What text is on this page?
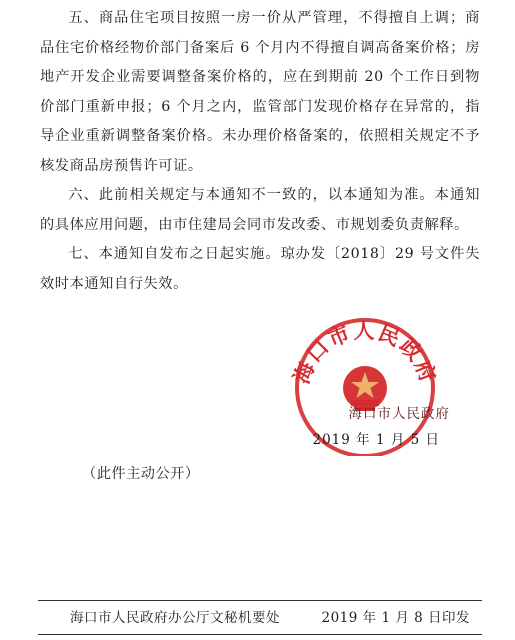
五、商品住宅项目按照一房一价从严管理，不得擅自上调；商品住宅价格经物价部门备案后 6 个月内不得擅自调高备案价格；房地产开发企业需要调整备案价格的，应在到期前 20 个工作日到物价部门重新申报；6 个月之内，监管部门发现价格存在异常的，指导企业重新调整备案价格。未办理价格备案的，依照相关规定不予核发商品房预售许可证。

六、此前相关规定与本通知不一致的，以本通知为准。本通知的具体应用问题，由市住建局会同市发改委、市规划委负责解释。

七、本通知自发布之日起实施。琼办发〔2018〕29 号文件失效时本通知自行失效。

海口市人民政府
海口市人民政府
2019 年 1 月 5 日
（此件主动公开）
海口市人民政府办公厅文秘机要处	2019 年 1 月 8 日印发
